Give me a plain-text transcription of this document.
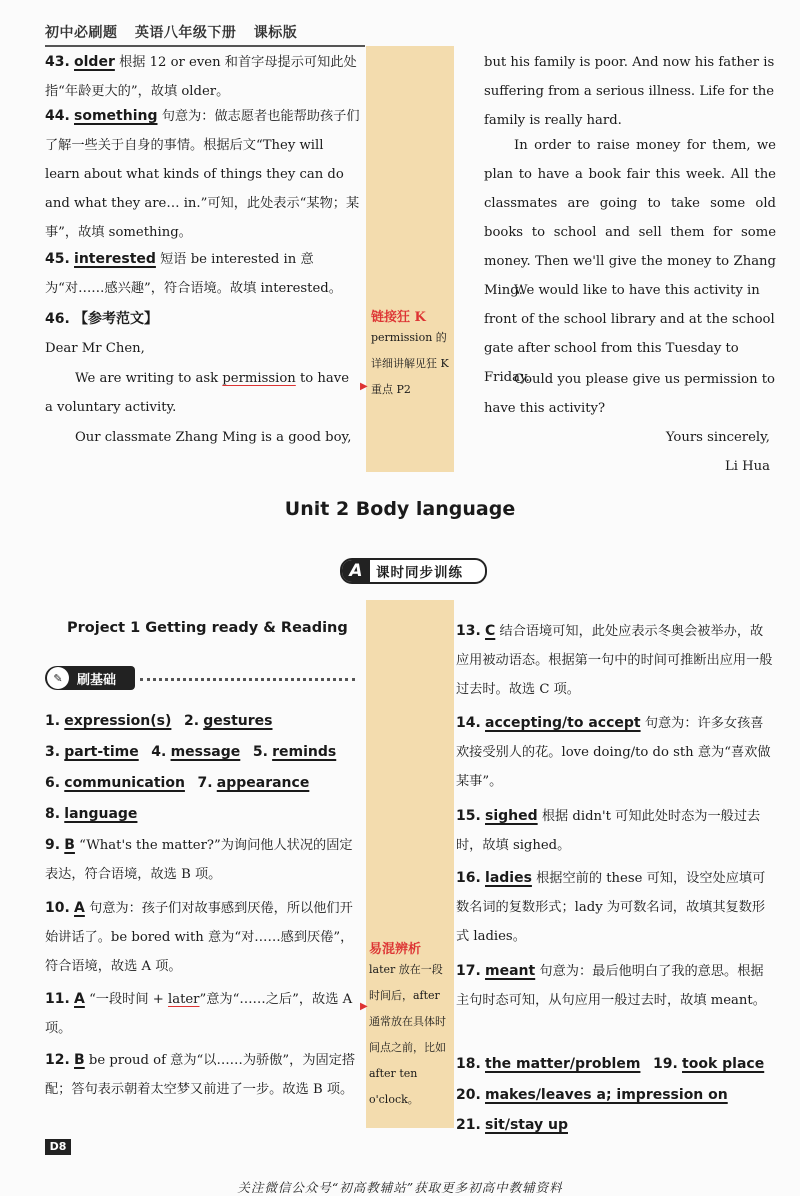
初中必刷题 英语八年级下册 课标版

43. older 根据 12 or even 和首字母提示可知此处指“年龄更大的”，故填 older。

44. something 句意为：做志愿者也能帮助孩子们了解一些关于自身的事情。根据后文“They will learn about what kinds of things they can do and what they are… in.”可知，此处表示“某物；某事”，故填 something。

45. interested 短语 be interested in 意为“对……感兴趣”，符合语境。故填 interested。

46. 【参考范文】

Dear Mr Chen,

We are writing to ask permission to have a voluntary activity.

Our classmate Zhang Ming is a good boy,

▶
链接狂 K
permission 的详细讲解见狂 K 重点 P2

but his family is poor. And now his father is suffering from a serious illness. Life for the family is really hard.

In order to raise money for them, we plan to have a book fair this week. All the classmates are going to take some old books to school and sell them for some money. Then we'll give the money to Zhang Ming.

We would like to have this activity in front of the school library and at the school gate after school from this Tuesday to Friday.

Could you please give us permission to have this activity?

Yours sincerely,
Li Hua
Unit 2 Body language
A 课时同步训练
Project 1 Getting ready & Reading
✎	刷基础

1. expression(s) 2. gestures

3. part-time 4. message 5. reminds

6. communication 7. appearance

8. language

9. B “What's the matter?”为询问他人状况的固定表达，符合语境，故选 B 项。

10. A 句意为：孩子们对故事感到厌倦，所以他们开始讲话了。be bored with 意为“对……感到厌倦”，符合语境，故选 A 项。

11. A “一段时间 + later”意为“……之后”，故选 A 项。

12. B be proud of 意为“以……为骄傲”，为固定搭配；答句表示朝着太空梦又前进了一步。故选 B 项。

▶
易混辨析
later 放在一段时间后，after 通常放在具体时间点之前，比如 after ten o'clock。

13. C 结合语境可知，此处应表示冬奥会被举办，故应用被动语态。根据第一句中的时间可推断出应用一般过去时。故选 C 项。

14. accepting/to accept 句意为：许多女孩喜欢接受别人的花。love doing/to do sth 意为“喜欢做某事”。

15. sighed 根据 didn't 可知此处时态为一般过去时，故填 sighed。

16. ladies 根据空前的 these 可知，设空处应填可数名词的复数形式；lady 为可数名词，故填其复数形式 ladies。

17. meant 句意为：最后他明白了我的意思。根据主句时态可知，从句应用一般过去时，故填 meant。

18. the matter/problem 19. took place

20. makes/leaves a; impression on

21. sit/stay up

D8
关注微信公众号“初高教辅站”获取更多初高中教辅资料
